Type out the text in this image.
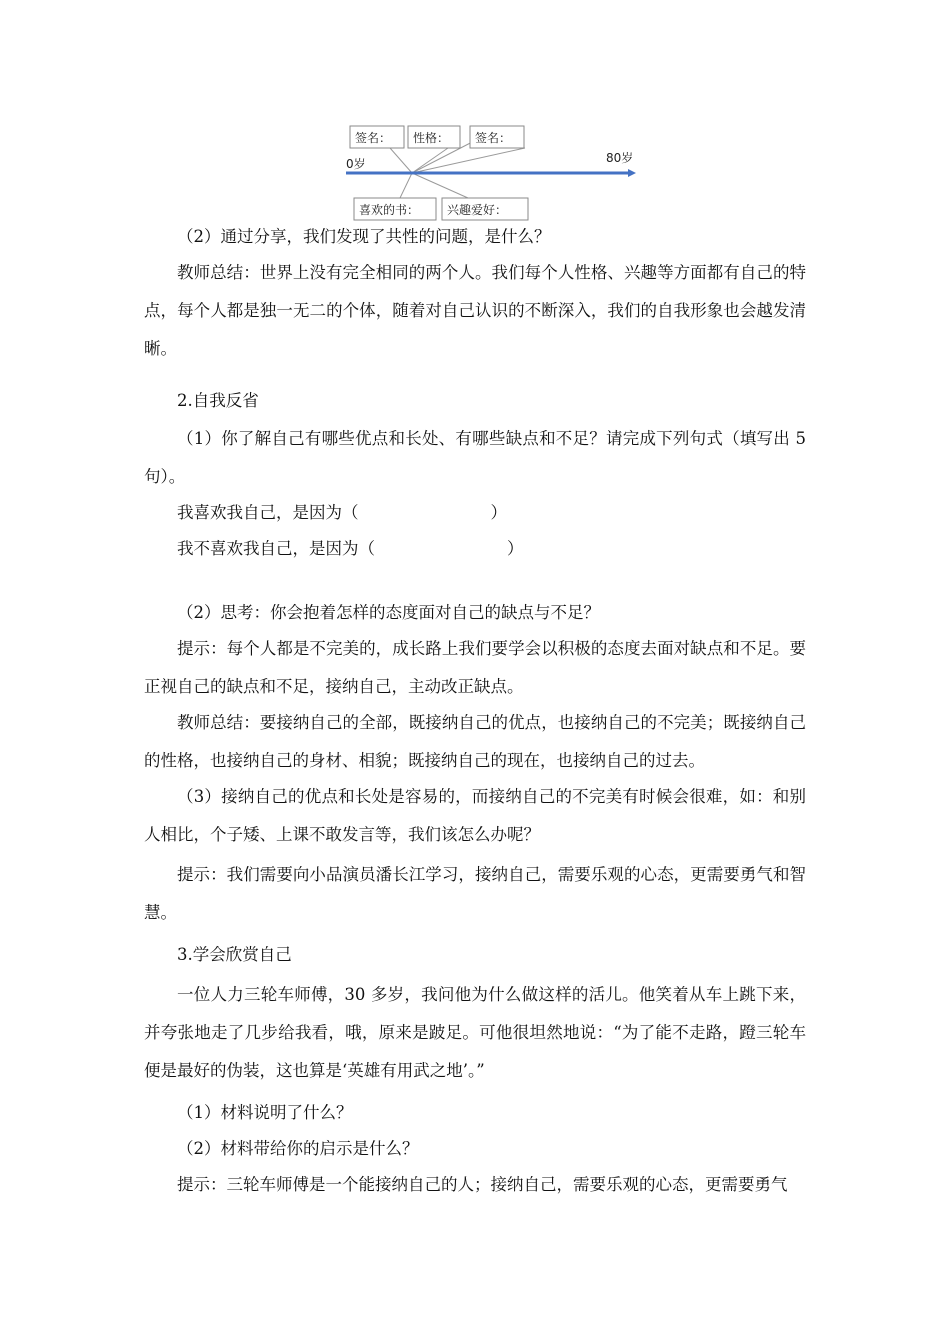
签名： 性格： 签名：
0岁	80岁
喜欢的书： 兴趣爱好：

（2）通过分享，我们发现了共性的问题，是什么？

教师总结：世界上没有完全相同的两个人。我们每个人性格、兴趣等方面都有自己的特点，每个人都是独一无二的个体，随着对自己认识的不断深入，我们的自我形象也会越发清晰。

2.自我反省

（1）你了解自己有哪些优点和长处、有哪些缺点和不足？请完成下列句式（填写出 5 句）。

我喜欢我自己，是因为（　　　　　　　　）

我不喜欢我自己，是因为（　　　　　　　　）

（2）思考：你会抱着怎样的态度面对自己的缺点与不足？

提示：每个人都是不完美的，成长路上我们要学会以积极的态度去面对缺点和不足。要正视自己的缺点和不足，接纳自己，主动改正缺点。

教师总结：要接纳自己的全部，既接纳自己的优点，也接纳自己的不完美；既接纳自己的性格，也接纳自己的身材、相貌；既接纳自己的现在，也接纳自己的过去。

（3）接纳自己的优点和长处是容易的，而接纳自己的不完美有时候会很难，如：和别人相比，个子矮、上课不敢发言等，我们该怎么办呢？

提示：我们需要向小品演员潘长江学习，接纳自己，需要乐观的心态，更需要勇气和智慧。

3.学会欣赏自己

一位人力三轮车师傅，30 多岁，我问他为什么做这样的活儿。他笑着从车上跳下来，并夸张地走了几步给我看，哦，原来是跛足。可他很坦然地说：“为了能不走路，蹬三轮车便是最好的伪装，这也算是‘英雄有用武之地’。”

（1）材料说明了什么？

（2）材料带给你的启示是什么？

提示：三轮车师傅是一个能接纳自己的人；接纳自己，需要乐观的心态，更需要勇气
